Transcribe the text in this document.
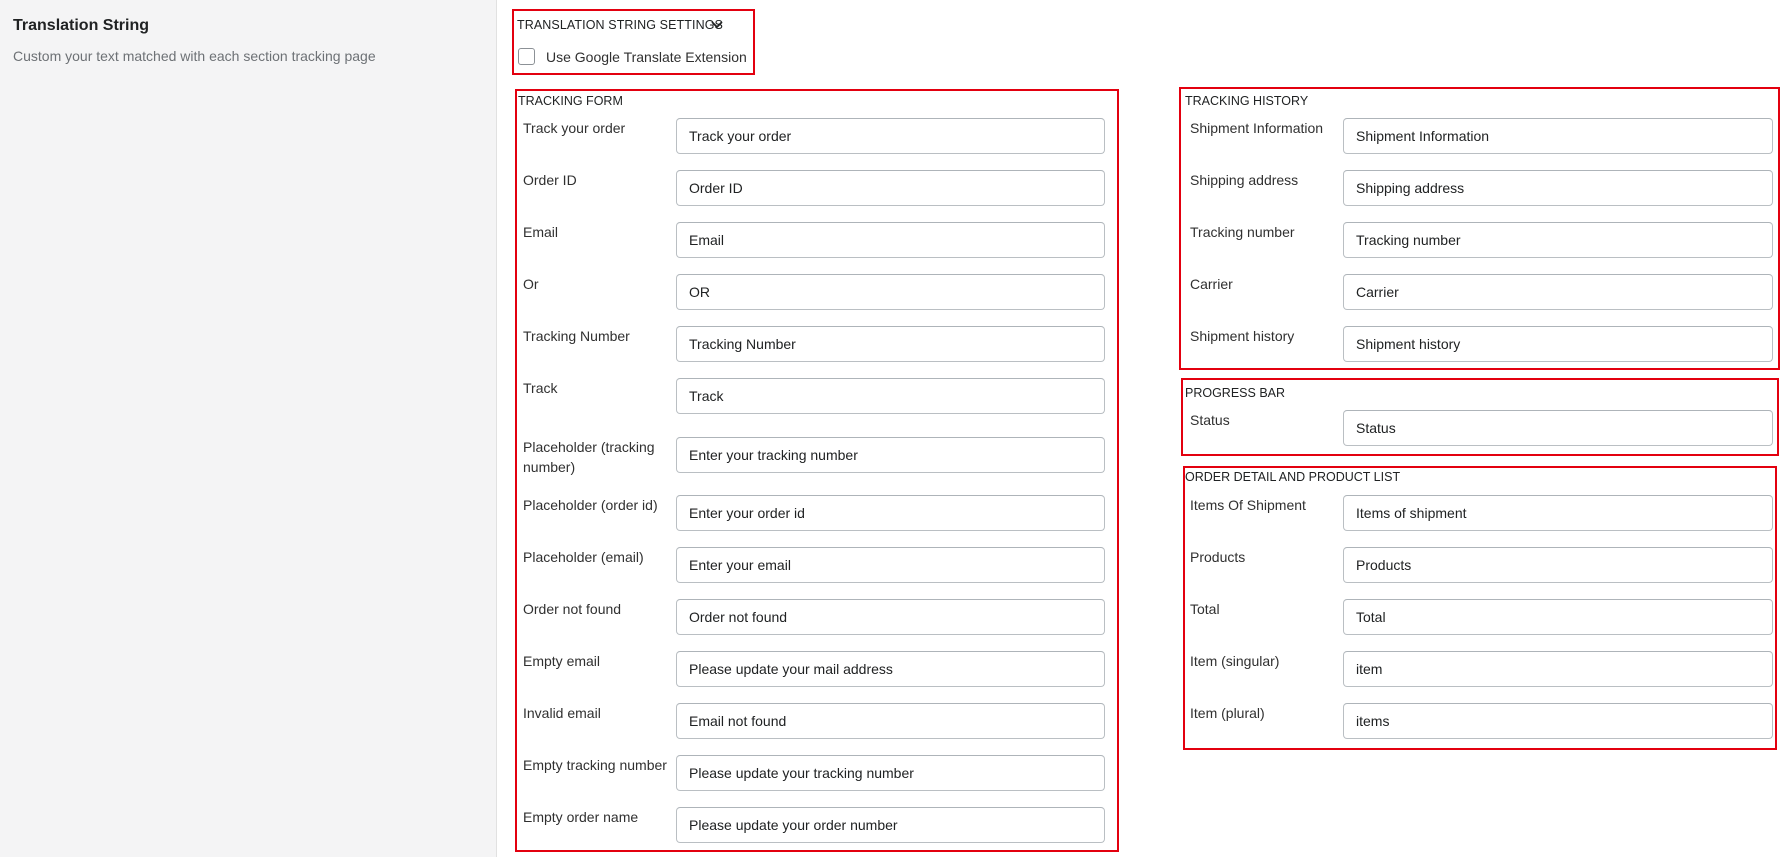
Translation String
Custom your text matched with each section tracking page
TRANSLATION STRING SETTINGS
Use Google Translate Extension
TRACKING FORM	TRACKING HISTORY
PROGRESS BAR
ORDER DETAIL AND PRODUCT LIST
Track your order
Track your order
Order ID
Order ID
Email
Email
Or
OR
Tracking Number
Tracking Number
Track
Track
Placeholder (tracking number)
Enter your tracking number
Placeholder (order id)
Enter your order id
Placeholder (email)
Enter your email
Order not found
Order not found
Empty email
Please update your mail address
Invalid email
Email not found
Empty tracking number
Please update your tracking number
Empty order name
Please update your order number
Shipment Information
Shipment Information
Shipping address
Shipping address
Tracking number
Tracking number
Carrier
Carrier
Shipment history
Shipment history
Status
Status
Items Of Shipment
Items of shipment
Products
Products
Total
Total
Item (singular)
item
Item (plural)
items
